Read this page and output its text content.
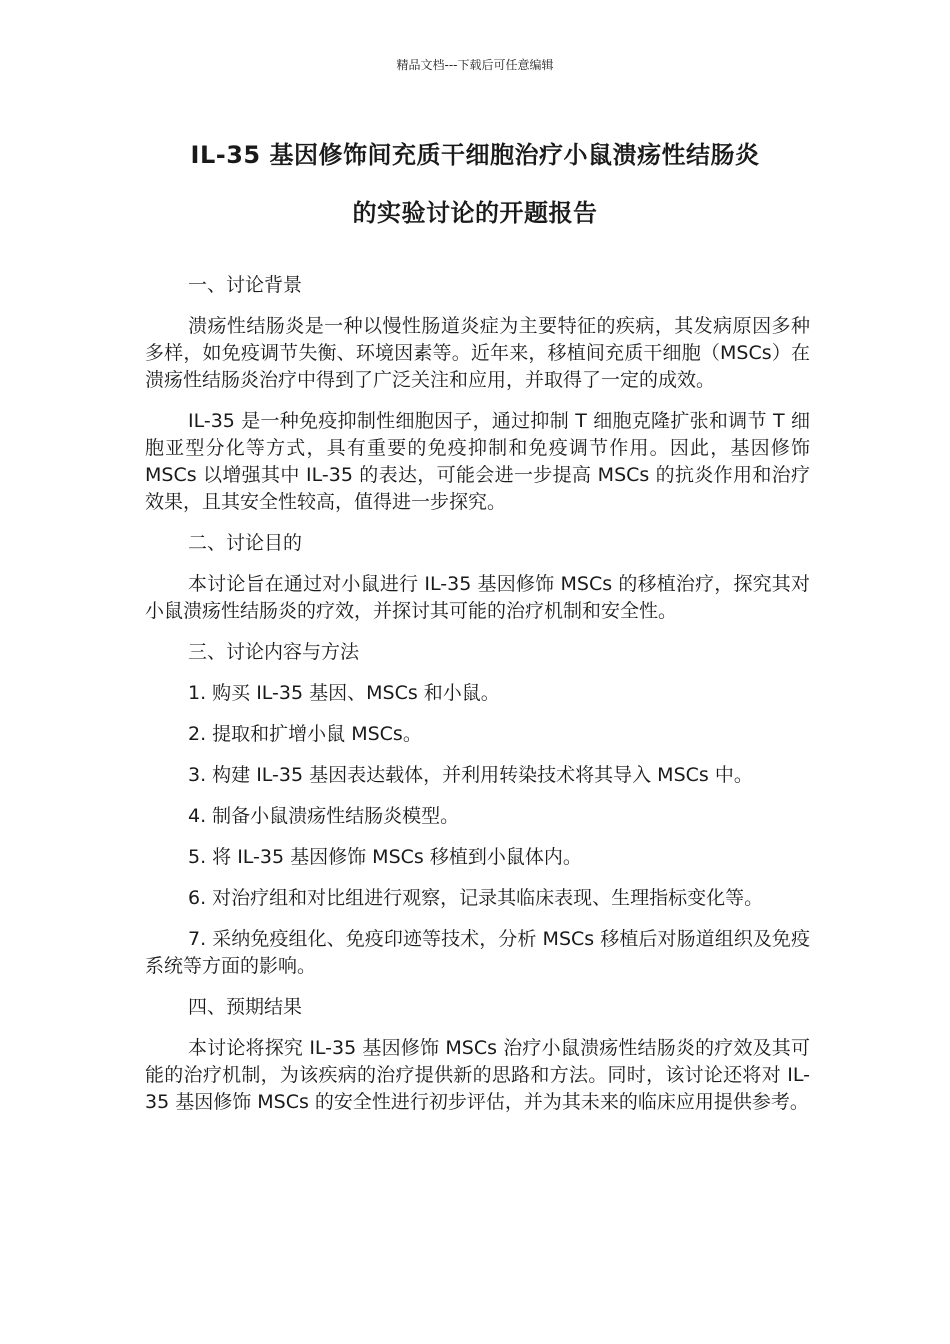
精品文档---下载后可任意编辑
IL-35 基因修饰间充质干细胞治疗小鼠溃疡性结肠炎
的实验讨论的开题报告

一、讨论背景

溃疡性结肠炎是一种以慢性肠道炎症为主要特征的疾病，其发病原因多种多样，如免疫调节失衡、环境因素等。近年来，移植间充质干细胞（MSCs）在溃疡性结肠炎治疗中得到了广泛关注和应用，并取得了一定的成效。

IL-35 是一种免疫抑制性细胞因子，通过抑制 T 细胞克隆扩张和调节 T 细胞亚型分化等方式，具有重要的免疫抑制和免疫调节作用。因此，基因修饰 MSCs 以增强其中 IL-35 的表达，可能会进一步提高 MSCs 的抗炎作用和治疗效果，且其安全性较高，值得进一步探究。

二、讨论目的

本讨论旨在通过对小鼠进行 IL-35 基因修饰 MSCs 的移植治疗，探究其对小鼠溃疡性结肠炎的疗效，并探讨其可能的治疗机制和安全性。

三、讨论内容与方法

1. 购买 IL-35 基因、MSCs 和小鼠。

2. 提取和扩增小鼠 MSCs。

3. 构建 IL-35 基因表达载体，并利用转染技术将其导入 MSCs 中。

4. 制备小鼠溃疡性结肠炎模型。

5. 将 IL-35 基因修饰 MSCs 移植到小鼠体内。

6. 对治疗组和对比组进行观察，记录其临床表现、生理指标变化等。

7. 采纳免疫组化、免疫印迹等技术，分析 MSCs 移植后对肠道组织及免疫系统等方面的影响。

四、预期结果

本讨论将探究 IL-35 基因修饰 MSCs 治疗小鼠溃疡性结肠炎的疗效及其可能的治疗机制，为该疾病的治疗提供新的思路和方法。同时，该讨论还将对 IL-35 基因修饰 MSCs 的安全性进行初步评估，并为其未来的临床应用提供参考。
